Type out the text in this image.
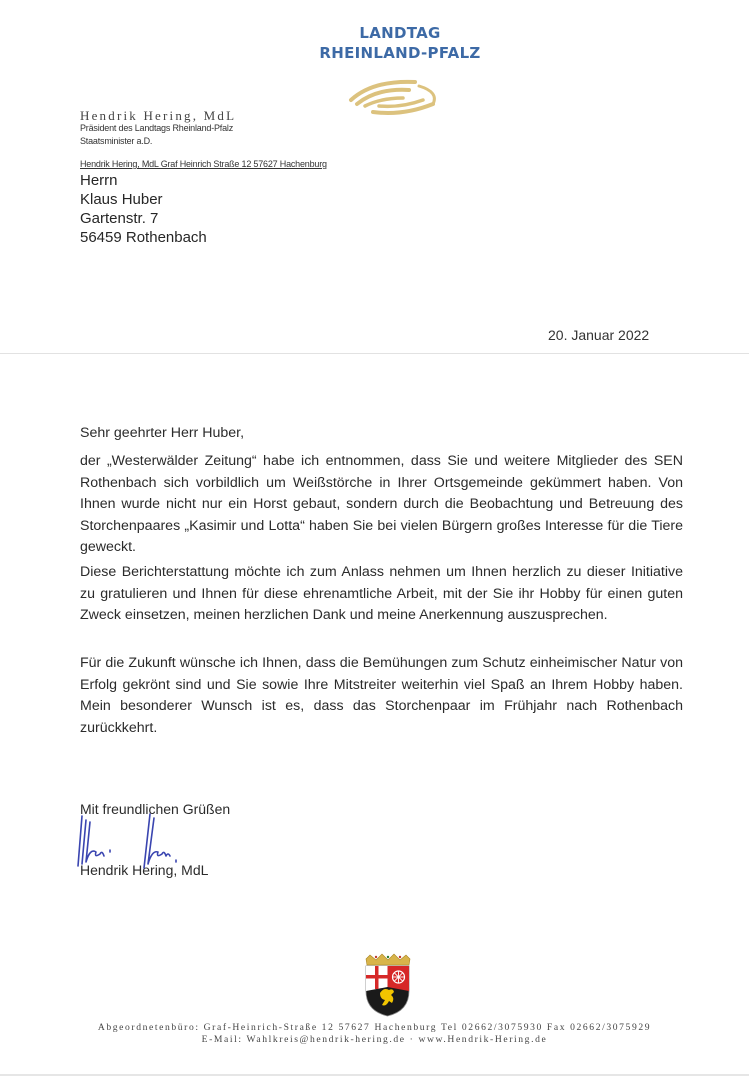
LANDTAG
RHEINLAND-PFALZ
Hendrik Hering, MdL
Präsident des Landtags Rheinland-Pfalz
Staatsminister a.D.
Hendrik Hering, MdL Graf Heinrich Straße 12 57627 Hachenburg
Herrn
Klaus Huber
Gartenstr. 7
56459 Rothenbach
20. Januar 2022
Sehr geehrter Herr Huber,
der „Westerwälder Zeitung“ habe ich entnommen, dass Sie und weitere Mitglieder des SEN Rothenbach sich vorbildlich um Weißstörche in Ihrer Ortsgemeinde gekümmert haben. Von Ihnen wurde nicht nur ein Horst gebaut, sondern durch die Beobachtung und Betreuung des Storchenpaares „Kasimir und Lotta“ haben Sie bei vielen Bürgern großes Interesse für die Tiere geweckt.
Diese Berichterstattung möchte ich zum Anlass nehmen um Ihnen herzlich zu dieser Initiative zu gratulieren und Ihnen für diese ehrenamtliche Arbeit, mit der Sie ihr Hobby für einen guten Zweck einsetzen, meinen herzlichen Dank und meine Anerkennung auszusprechen.
Für die Zukunft wünsche ich Ihnen, dass die Bemühungen zum Schutz einheimischer Natur von Erfolg gekrönt sind und Sie sowie Ihre Mitstreiter weiterhin viel Spaß an Ihrem Hobby haben. Mein besonderer Wunsch ist es, dass das Storchenpaar im Frühjahr nach Rothenbach zurückkehrt.
Mit freundlichen Grüßen
Hendrik Hering, MdL
Abgeordnetenbüro: Graf-Heinrich-Straße 12 57627 Hachenburg Tel 02662/3075930 Fax 02662/3075929
E-Mail: Wahlkreis@hendrik-hering.de · www.Hendrik-Hering.de
